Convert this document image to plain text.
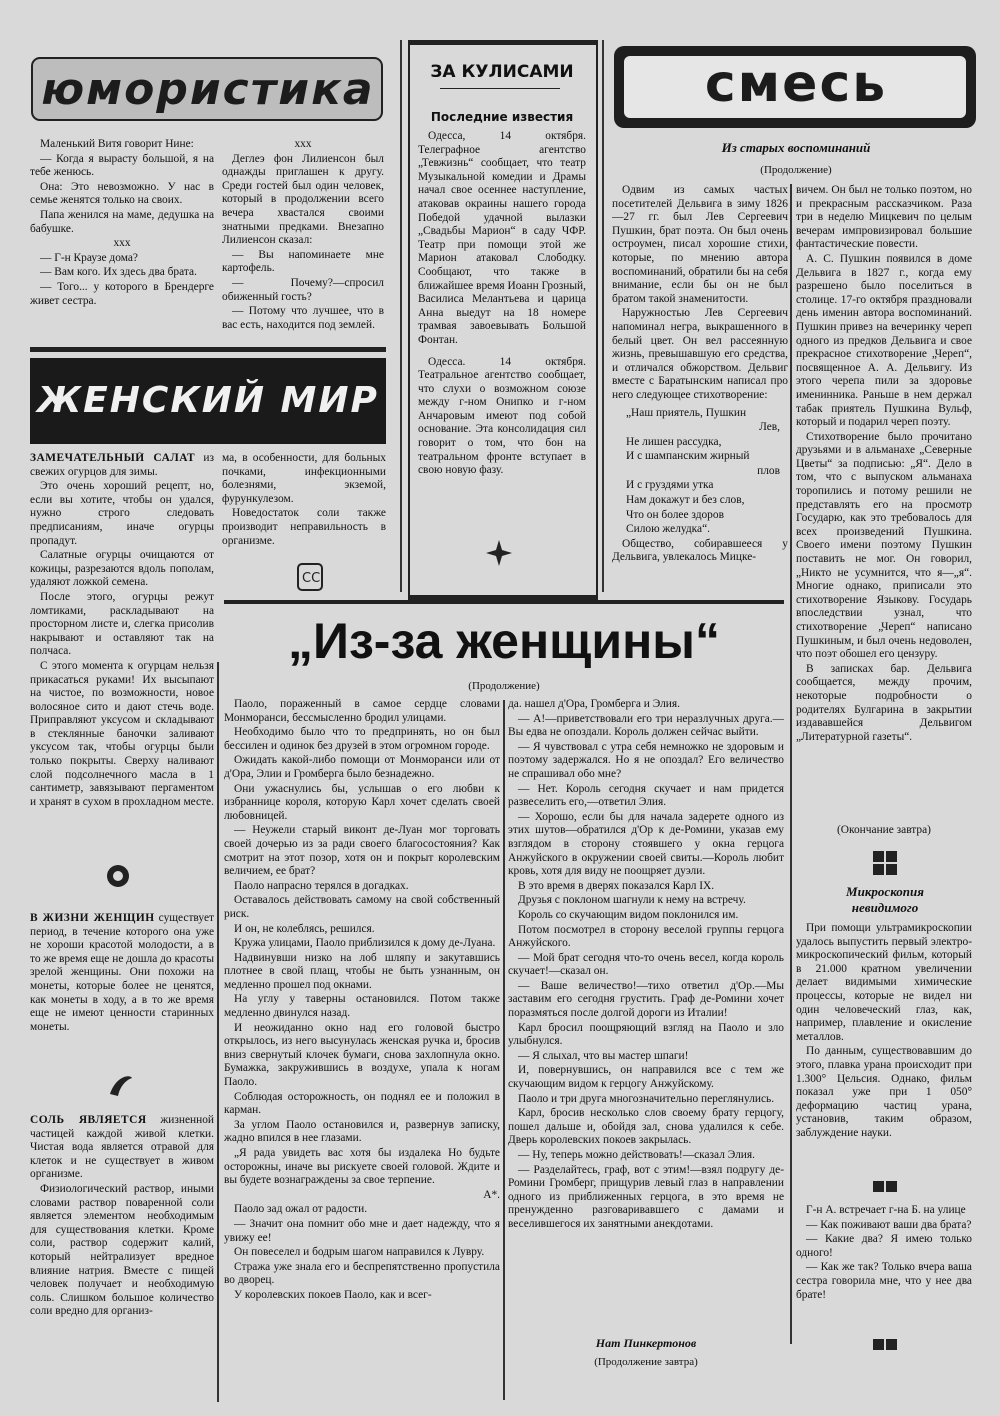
юмористика

Маленький Витя говорит Нине:

— Когда я вырасту большой, я на тебе женюсь.

Она: Это невозможно. У нас в семье женятся только на своих.

Папа женился на маме, дедушка на бабушке.

xxx

— Г-н Краузе дома?

— Вам кого. Их здесь два брата.

— Того... у которого в Брендерге живет сестра.

xxx

Деглеэ фон Лилиенсон был однажды приглашен к другу. Среди гостей был один человек, который в продолжении всего вечера хвастался своими знатными предками. Внезапно Лилиенсон сказал:

— Вы напоминаете мне картофель.

— Почему?—спросил обиженный гость?

— Потому что лучшее, что в вас есть, находится под землей.

ЖЕНСКИЙ МИР

ЗАМЕЧАТЕЛЬНЫЙ САЛАТ из свежих огурцов для зимы.

Это очень хороший рецепт, но, если вы хотите, чтобы он удался, нужно строго следовать предписаниям, иначе огурцы пропадут.

Салатные огурцы очищаются от кожицы, разрезаются вдоль пополам, удаляют ложкой семена.

После этого, огурцы режут ломтиками, раскладывают на просторном листе и, слегка присолив накрывают и оставляют так на полчаса.

С этого момента к огурцам нельзя прикасаться руками! Их высыпают на чистое, по возможности, новое волосяное сито и дают стечь воде. Приправляют уксусом и складывают в стеклянные баночки заливают уксусом так, чтобы огурцы были только покрыты. Сверху наливают слой подсолнечного масла в 1 сантиметр, завязывают пергаментом и хранят в сухом в прохладном месте.

В ЖИЗНИ ЖЕНЩИН существует период, в течение которого она уже не хороши красотой молодости, а в то же время еще не дошла до красоты зрелой женщины. Они похожи на монеты, которые более не ценятся, как монеты в ходу, а в то же время еще не имеют ценности старинных монеты.

СОЛЬ ЯВЛЯЕТСЯ жизненной частицей каждой живой клетки. Чистая вода является отравой для клеток и не существует в живом организме.

Физиологический раствор, иными словами раствор поваренной соли является элементом необходимым для существования клетки. Кроме соли, раствор содержит калий, который нейтрализует вредное влияние натрия. Вместе с пищей человек получает и необходимую соль. Слишком большое количество соли вредно для организ-

ма, в особенности, для больных почками, инфекционными болезнями, экземой, фурункулезом.

Новедостаток соли также производит неправильность в организме.

CC
ЗА КУЛИСАМИ
Последние известия

Одесса, 14 октября. Телеграфное агентство „Тевжизнь“ сообщает, что театр Музыкальной комедии и Драмы начал свое осеннее наступление, атаковав окраины нашего города Победой удачной вылазки „Свадьбы Марион“ в саду ЧФР. Театр при помощи этой же Марион атаковал Слободку. Сообщают, что также в ближайшее время Иоанн Грозный, Василиса Мелантьева и царица Анна выедут на 18 номере трамвая завоевывать Большой Фонтан.

Одесса. 14 октября. Театральное агентство сообщает, что слухи о возможном союзе между г-ном Онипко и г-ном Анчаровым имеют под собой основание. Эта консолидация сил говорит о том, что бон на театральном фронте вступает в свою новую фазу.

смесь
Из старых воспоминаний
(Продолжение)

Одвим из самых частых посетителей Дельвига в зиму 1826—27 гг. был Лев Сергеевич Пушкин, брат поэта. Он был очень остроумен, писал хорошие стихи, которые, по мнению автора воспоминаний, обратили бы на себя внимание, если бы он не был братом такой знаменитости.

Наружностью Лев Сергеевич напоминал негра, выкрашенного в белый цвет. Он вел рассеянную жизнь, превышавшую его средства, и отличался обжорством. Дельвиг вместе с Баратынским написал про него следующее стихотворение:

„Наш приятель, Пушкин

Лев,

Не лишен рассудка,

И с шампанским жирный

плов

И с груздями утка

Нам докажут и без слов,

Что он более здоров

Силою желудка“.

Общество, собиравшееся у Дельвига, увлекалось Мицке-

вичем. Он был не только поэтом, но и прекрасным рассказчиком. Раза три в неделю Мицкевич по целым вечерам импровизировал большие фантастические повести.

А. С. Пушкин появился в доме Дельвига в 1827 г., когда ему разрешено было поселиться в столице. 17-го октября праздновали день именин автора воспоминаний. Пушкин привез на вечеринку череп одного из предков Дельвига и свое прекрасное стихотворение „Череп“, посвященное А. А. Дельвигу. Из этого черепа пили за здоровье именинника. Раньше в нем держал табак приятель Пушкина Вульф, который и подарил череп поэту.

Стихотворение было прочитано друзьями и в альманахе „Северные Цветы“ за подписью: „Я“. Дело в том, что с выпуском альманаха торопились и потому решили не представлять его на просмотр Государю, как это требовалось для всех произведений Пушкина. Своего имени поэтому Пушкин поставить не мог. Он говорил, „Никто не усумнится, что я—„я“. Многие однако, приписали это стихотворение Языкову. Государь впоследствии узнал, что стихотворение „Череп“ написано Пушкиным, и был очень недоволен, что поэт обошел его цензуру.

В записках бар. Дельвига сообщается, между прочим, некоторые подробности о родителях Булгарина в закрытии издававшейся Дельвигом „Литературной газеты“.

(Окончание завтра)

Микроскопия невидимого

При помощи ультрамикроскопии удалось выпустить первый электро-микроскопический фильм, который в 21.000 кратном увеличении делает видимыми химические процессы, которые не видел ни один человеческий глаз, как, например, плавление и окисление металлов.

По данным, существовавшим до этого, плавка урана происходит при 1.300° Цельсия. Однако, фильм показал уже при 1 050° деформацию частиц урана, установив, таким образом, заблуждение науки.

Г-н А. встречает г-на Б. на улице

— Как поживают ваши два брата?

— Какие два? Я имею только одного!

— Как же так? Только вчера ваша сестра говорила мне, что у нее два брате!

„Из-за женщины“
(Продолжение)

Паоло, пораженный в самое сердце словами Монморанси, бессмысленно бродил улицами.

Необходимо было что то предпринять, но он был бессилен и одинок без друзей в этом огромном городе.

Ожидать какой-либо помощи от Монморанси или от д'Ора, Элии и Громберга было безнадежно.

Они ужаснулись бы, услышав о его любви к избраннице короля, которую Карл хочет сделать своей любовницей.

— Неужели старый виконт де-Луан мог торговать своей дочерью из за ради своего благосостояния? Как смотрит на этот позор, хотя он и покрыт королевским величием, ее брат?

Паоло напрасно терялся в догадках.

Оставалось действовать самому на свой собственный риск.

И он, не колеблясь, решился.

Кружа улицами, Паоло приблизился к дому де-Луана.

Надвинувши низко на лоб шляпу и закутавшись плотнее в свой плащ, чтобы не быть узнанным, он медленно прошел под окнами.

На углу у таверны остановился. Потом также медленно двинулся назад.

И неожиданно окно над его головой быстро открылось, из него высунулась женская ручка и, бросив вниз свернутый клочек бумаги, снова захлопнула окно. Бумажка, закружившись в воздухе, упала к ногам Паоло.

Соблюдая осторожность, он поднял ее и положил в карман.

За углом Паоло остановился и, развернув записку, жадно впился в нее глазами.

„Я рада увидеть вас хотя бы издалека Но будьте осторожны, иначе вы рискуете своей головой. Ждите и вы будете вознаграждены за свое терпение.

А*.

Паоло зад ожал от радости.

— Значит она помнит обо мне и дает надежду, что я увижу ее!

Он повеселел и бодрым шагом направился к Лувру.

Стража уже знала его и беспрепятственно пропустила во дворец.

У королевских покоев Паоло, как и всег-

да. нашел д'Ора, Громберга и Элия.

— А!—приветствовали его три неразлучных друга.—Вы едва не опоздали. Король должен сейчас выйти.

— Я чувствовал с утра себя немножко не здоровым и поэтому задержался. Но я не опоздал? Его величество не спрашивал обо мне?

— Нет. Король сегодня скучает и нам придется развеселить его,—ответил Элия.

— Хорошо, если бы для начала задерете одного из этих шутов—обратился д'Ор к де-Ромини, указав ему взглядом в сторону стоявшего у окна герцога Анжуйского в окружении своей свиты.—Король любит кровь, хотя для виду не поощряет дуэли.

В это время в дверях показался Карл IX.

Друзья с поклоном шагнули к нему на встречу.

Король со скучающим видом поклонился им.

Потом посмотрел в сторону веселой группы герцога Анжуйского.

— Мой брат сегодня что-то очень весел, когда король скучает!—сказал он.

— Ваше величество!—тихо ответил д'Ор.—Мы заставим его сегодня грустить. Граф де-Ромини хочет поразмяться после долгой дороги из Италии!

Карл бросил поощряющий взгляд на Паоло и зло улыбнулся.

— Я слыхал, что вы мастер шпаги!

И, повернувшись, он направился все с тем же скучающим видом к герцогу Анжуйскому.

Паоло и три друга многозначительно переглянулись.

Карл, бросив несколько слов своему брату герцогу, пошел дальше и, обойдя зал, снова удалился к себе. Дверь королевских покоев закрылась.

— Ну, теперь можно действовать!—сказал Элия.

— Разделайтесь, граф, вот с этим!—взял подругу де-Ромини Громберг, прищурив левый глаз в направлении одного из приближенных герцога, в это время не пренужденно разговаривавшего с дамами и веселившегося их занятными анекдотами.

Нат Пинкертонов
(Продолжение завтра)
